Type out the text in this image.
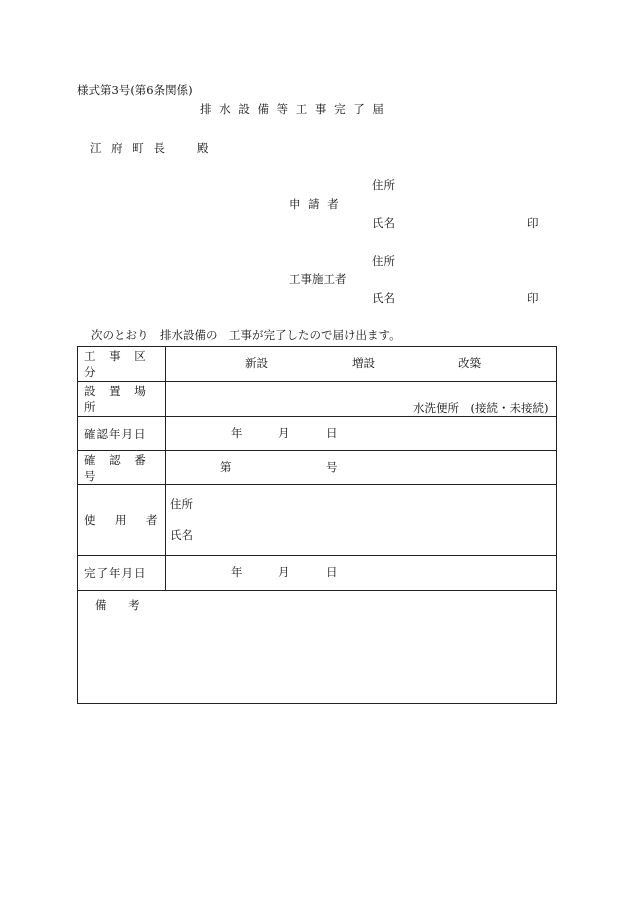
様式第3号(第6条関係)
排 水 設 備 等 工 事 完 了 届
江 府 町 長　　殿
住所
申 請 者
氏名	印
住所
工事施工者
氏名	印
次のとおり　排水設備の　工事が完了したので届け出ます。
工 事 区 分	新設 増設 改築

設 置 場 所	水洗便所　(接続・未接続)

確認年月日	年 月 日

確 認 番 号	第 号

使　用　者	住所
氏名

完了年月日	年 月 日

備 考	
